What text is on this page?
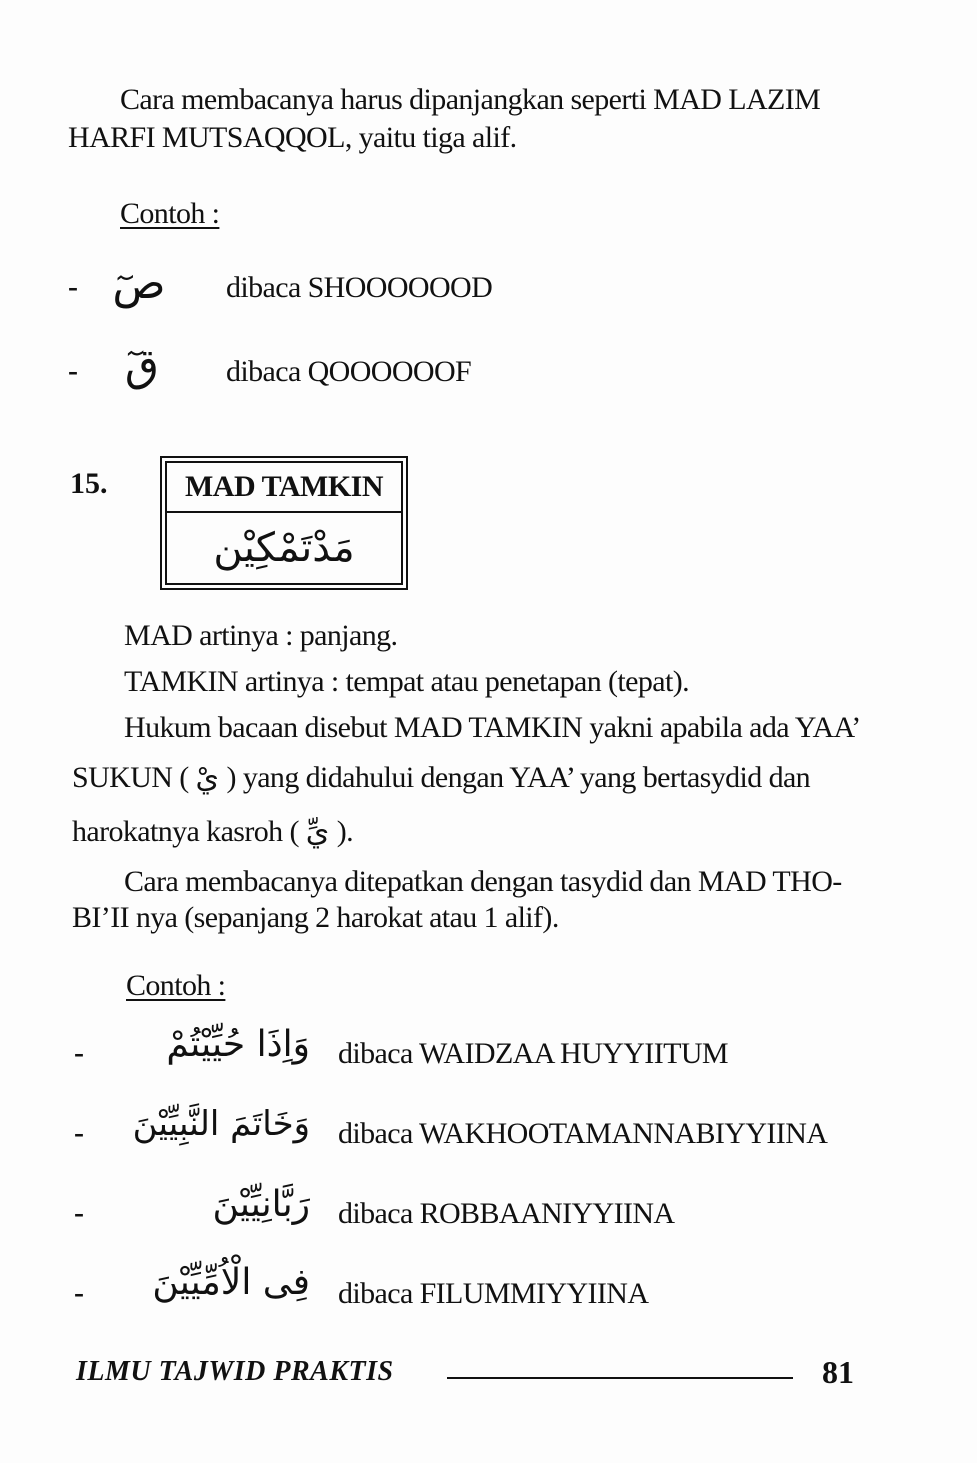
Cara membacanya harus dipanjangkan seperti MAD LAZIM
HARFI MUTSAQQOL, yaitu tiga alif.
Contoh :
- صٓ dibaca SHOOOOOOD
- قٓ	dibaca QOOOOOOF
15.	MAD TAMKIN
مَدْتَمْكِيْن
MAD artinya : panjang.
TAMKIN artinya : tempat atau penetapan (tepat).
Hukum bacaan disebut MAD TAMKIN yakni apabila ada YAA’
SUKUN ( يْ ) yang didahului dengan YAA’ yang bertasydid dan
harokatnya kasroh ( يِّ ).
Cara membacanya ditepatkan dengan tasydid dan MAD THO-
BI’II nya (sepanjang 2 harokat atau 1 alif).
Contoh :
-	وَاِذَا حُيِّيْتُمْ dibaca WAIDZAA HUYYIITUM
-	وَخَاتَمَ النَّبِيِّيْنَ dibaca WAKHOOTAMANNABIYYIINA
-	رَبَّانِيِّيْنَ dibaca ROBBAANIYYIINA
-	فِى الْاُمِّيِّيْنَ dibaca FILUMMIYYIINA
ILMU TAJWID PRAKTIS	81
